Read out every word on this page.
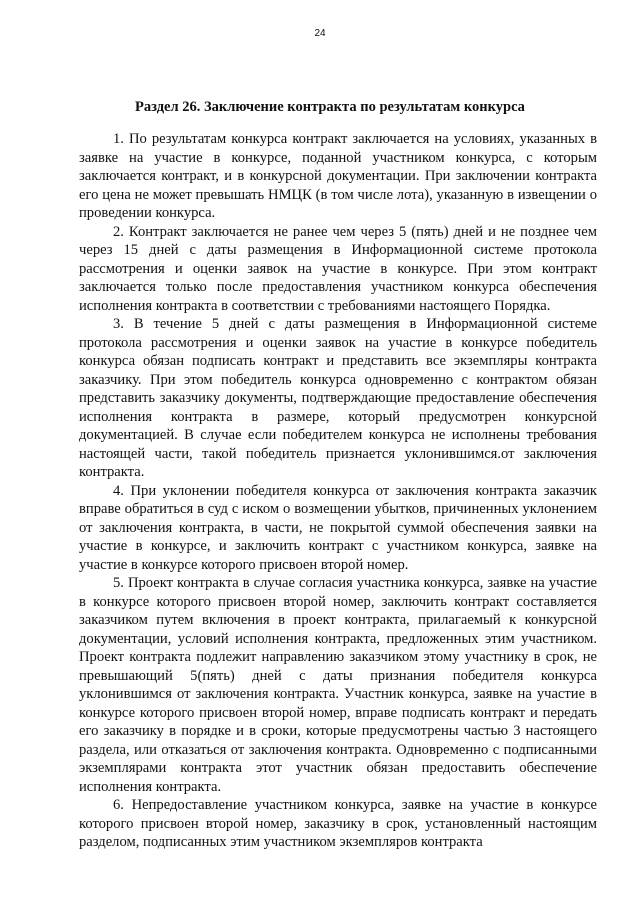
24
Раздел 26. Заключение контракта по результатам конкурса

1. По результатам конкурса контракт заключается на условиях, указанных в заявке на участие в конкурсе, поданной участником конкурса, с которым заключается контракт, и в конкурсной документации. При заключении контракта его цена не может превышать НМЦК (в том числе лота), указанную в извещении о проведении конкурса.

2. Контракт заключается не ранее чем через 5 (пять) дней и не позднее чем через 15 дней с даты размещения в Информационной системе протокола рассмотрения и оценки заявок на участие в конкурсе. При этом контракт заключается только после предоставления участником конкурса обеспечения исполнения контракта в соответствии с требованиями настоящего Порядка.

3. В течение 5 дней с даты размещения в Информационной системе протокола рассмотрения и оценки заявок на участие в конкурсе победитель конкурса обязан подписать контракт и представить все экземпляры контракта заказчику. При этом победитель конкурса одновременно с контрактом обязан представить заказчику документы, подтверждающие предоставление обеспечения исполнения контракта в размере, который предусмотрен конкурсной документацией. В случае если победителем конкурса не исполнены требования настоящей части, такой победитель признается уклонившимся.от заключения контракта.

4. При уклонении победителя конкурса от заключения контракта заказчик вправе обратиться в суд с иском о возмещении убытков, причиненных уклонением от заключения контракта, в части, не покрытой суммой обеспечения заявки на участие в конкурсе, и заключить контракт с участником конкурса, заявке на участие в конкурсе которого присвоен второй номер.

5. Проект контракта в случае согласия участника конкурса, заявке на участие в конкурсе которого присвоен второй номер, заключить контракт составляется заказчиком путем включения в проект контракта, прилагаемый к конкурсной документации, условий исполнения контракта, предложенных этим участником. Проект контракта подлежит направлению заказчиком этому участнику в срок, не превышающий 5(пять) дней с даты признания победителя конкурса уклонившимся от заключения контракта. Участник конкурса, заявке на участие в конкурсе которого присвоен второй номер, вправе подписать контракт и передать его заказчику в порядке и в сроки, которые предусмотрены частью 3 настоящего раздела, или отказаться от заключения контракта. Одновременно с подписанными экземплярами контракта этот участник обязан предоставить обеспечение исполнения контракта.

6. Непредоставление участником конкурса, заявке на участие в конкурсе которого присвоен второй номер, заказчику в срок, установленный настоящим разделом, подписанных этим участником экземпляров контракта
